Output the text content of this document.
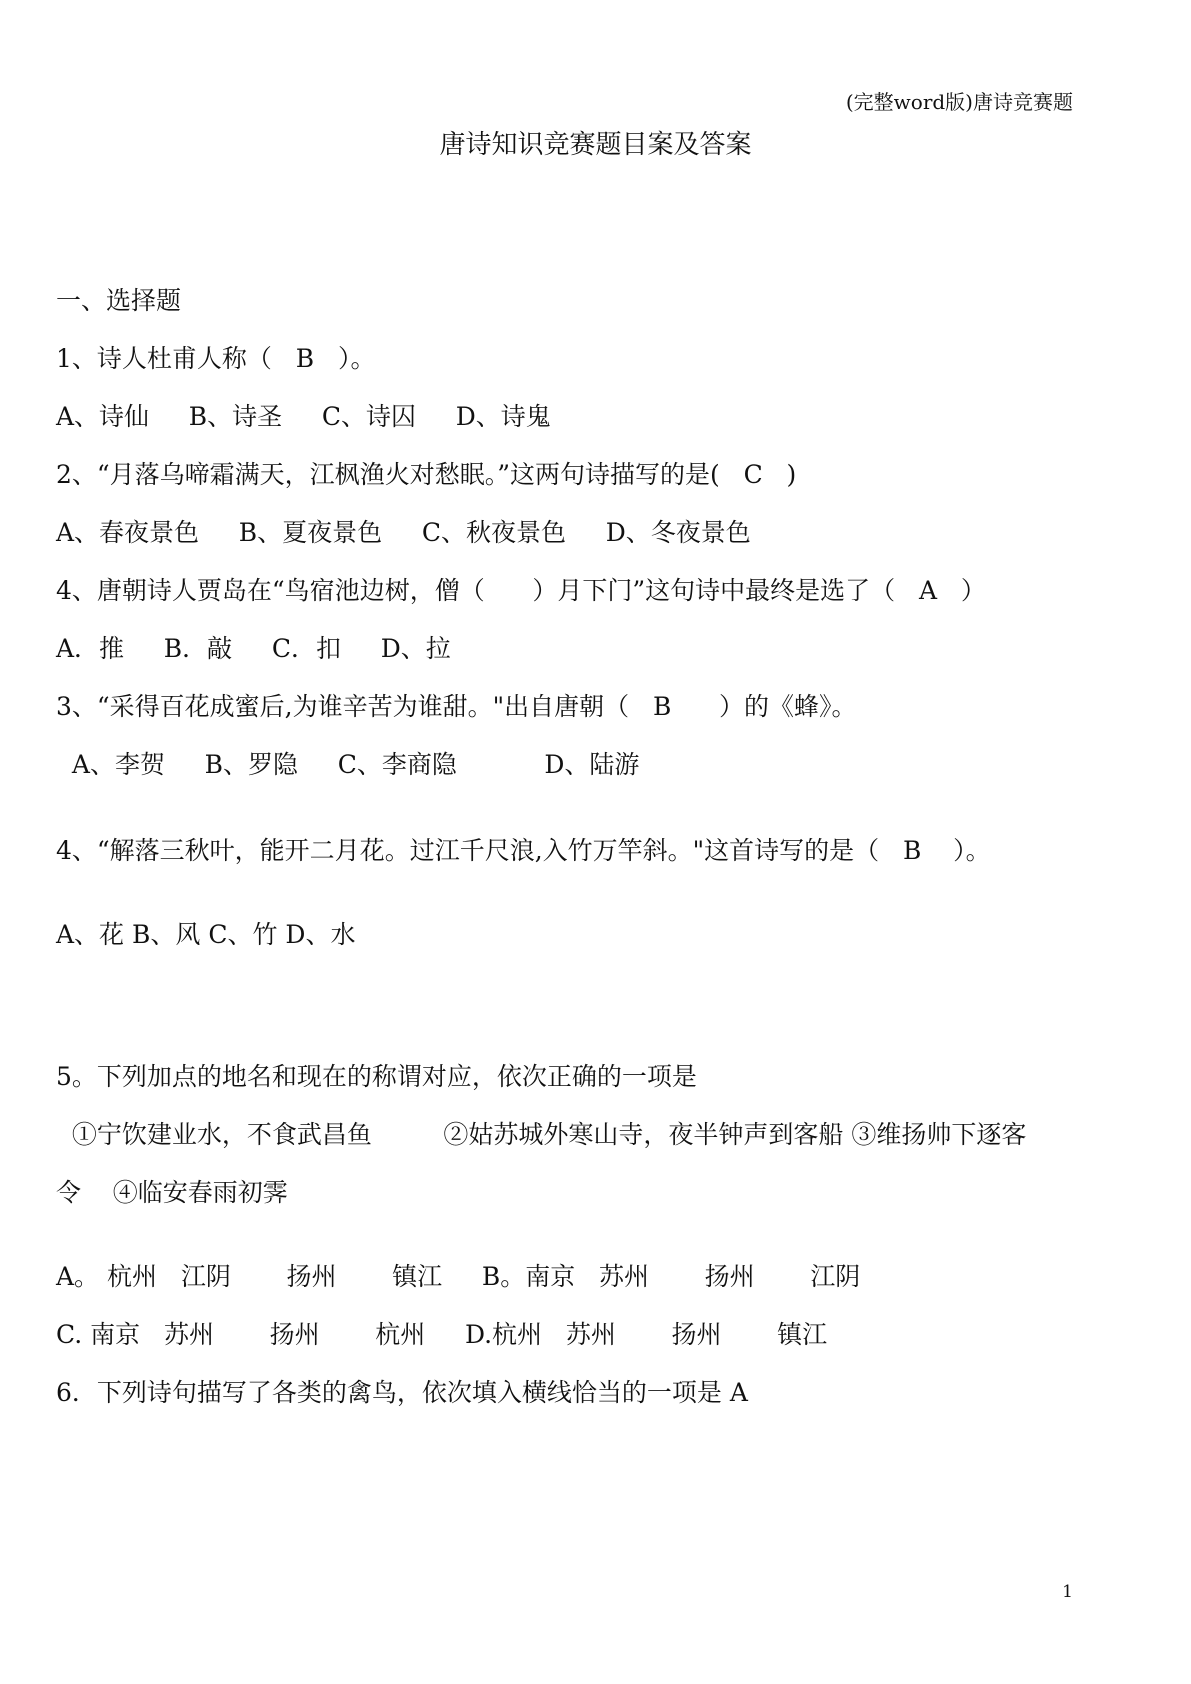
(完整word版)唐诗竞赛题
唐诗知识竞赛题目案及答案
一、选择题
1、诗人杜甫人称（   B   ）。
A、诗仙     B、诗圣     C、诗囚     D、诗鬼
2、“月落乌啼霜满天，江枫渔火对愁眠。”这两句诗描写的是(   C   )
A、春夜景色     B、夏夜景色     C、秋夜景色     D、冬夜景色
4、唐朝诗人贾岛在“鸟宿池边树，僧（      ）月下门”这句诗中最终是选了（   A   ）
A．推     B．敲     C．扣     D、拉
3、“采得百花成蜜后,为谁辛苦为谁甜。"出自唐朝（   B      ）的《蜂》。
A、李贺     B、罗隐     C、李商隐           D、陆游
4、“解落三秋叶，能开二月花。过江千尺浪,入竹万竿斜。"这首诗写的是（   B    ）。
A、花 B、风 C、竹 D、水
5。下列加点的地名和现在的称谓对应，依次正确的一项是
①宁饮建业水，不食武昌鱼         ②姑苏城外寒山寺，夜半钟声到客船 ③维扬帅下逐客
令    ④临安春雨初霁
A。 杭州   江阴       扬州       镇江     B。南京   苏州       扬州       江阴
C. 南京   苏州       扬州       杭州     D.杭州   苏州       扬州       镇江
6．下列诗句描写了各类的禽鸟，依次填入横线恰当的一项是 A
1
